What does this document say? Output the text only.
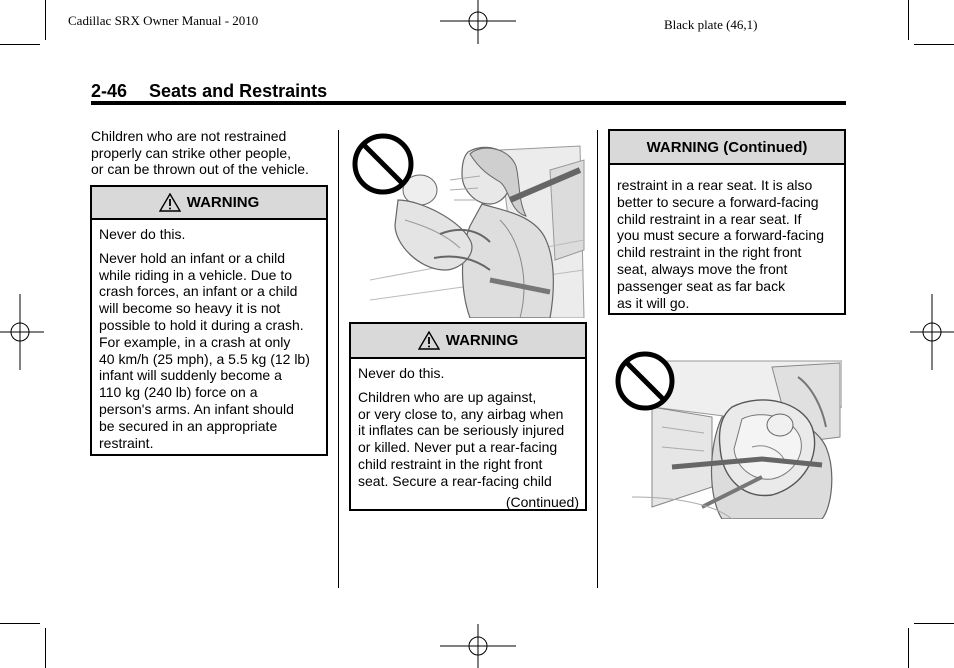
Cadillac SRX Owner Manual - 2010	Black plate (46,1)
2-46 Seats and Restraints
Children who are not restrained
properly can strike other people,
or can be thrown out of the vehicle.
WARNING

Never do this.

Never hold an infant or a child
while riding in a vehicle. Due to
crash forces, an infant or a child
will become so heavy it is not
possible to hold it during a crash.
For example, in a crash at only
40 km/h (25 mph), a 5.5 kg (12 lb)
infant will suddenly become a
110 kg (240 lb) force on a
person's arms. An infant should
be secured in an appropriate
restraint.
WARNING

Never do this.

Children who are up against,
or very close to, any airbag when
it inflates can be seriously injured
or killed. Never put a rear-facing
child restraint in the right front
seat. Secure a rear-facing child
(Continued)
WARNING (Continued)
restraint in a rear seat. It is also
better to secure a forward-facing
child restraint in a rear seat. If
you must secure a forward-facing
child restraint in the right front
seat, always move the front
passenger seat as far back
as it will go.
